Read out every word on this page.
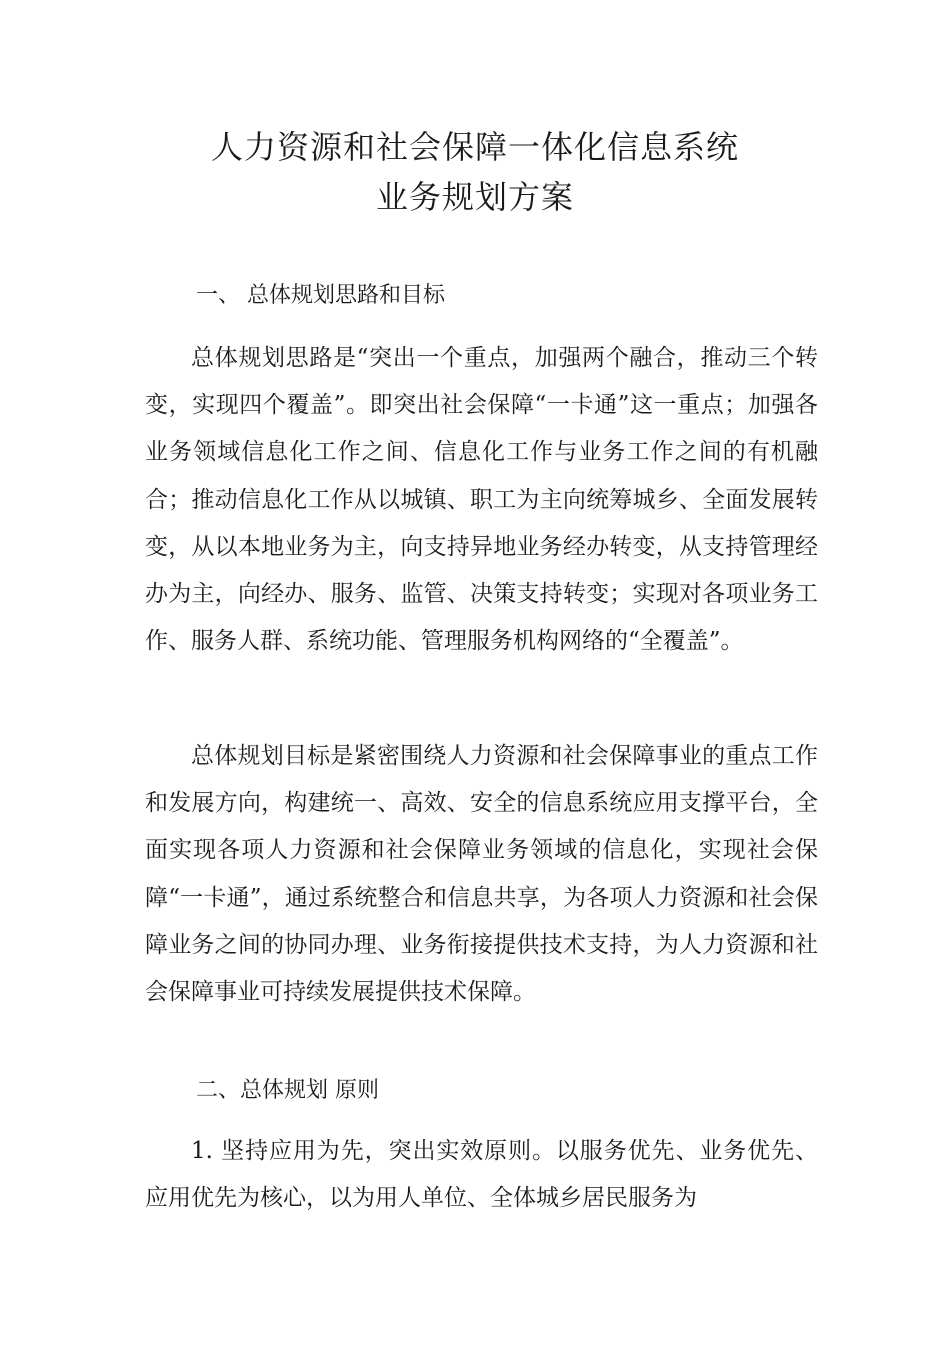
人力资源和社会保障一体化信息系统
业务规划方案
一、 总体规划思路和目标
总体规划思路是“突出一个重点，加强两个融合，推动三个转变，实现四个覆盖”。即突出社会保障“一卡通”这一重点；加强各业务领域信息化工作之间、信息化工作与业务工作之间的有机融合；推动信息化工作从以城镇、职工为主向统筹城乡、全面发展转变，从以本地业务为主，向支持异地业务经办转变，从支持管理经办为主，向经办、服务、监管、决策支持转变；实现对各项业务工作、服务人群、系统功能、管理服务机构网络的“全覆盖”。
总体规划目标是紧密围绕人力资源和社会保障事业的重点工作和发展方向，构建统一、高效、安全的信息系统应用支撑平台，全面实现各项人力资源和社会保障业务领域的信息化，实现社会保障“一卡通”，通过系统整合和信息共享，为各项人力资源和社会保障业务之间的协同办理、业务衔接提供技术支持，为人力资源和社会保障事业可持续发展提供技术保障。
二、总体规划 原则
1. 坚持应用为先，突出实效原则。以服务优先、业务优先、应用优先为核心，以为用人单位、全体城乡居民服务为
